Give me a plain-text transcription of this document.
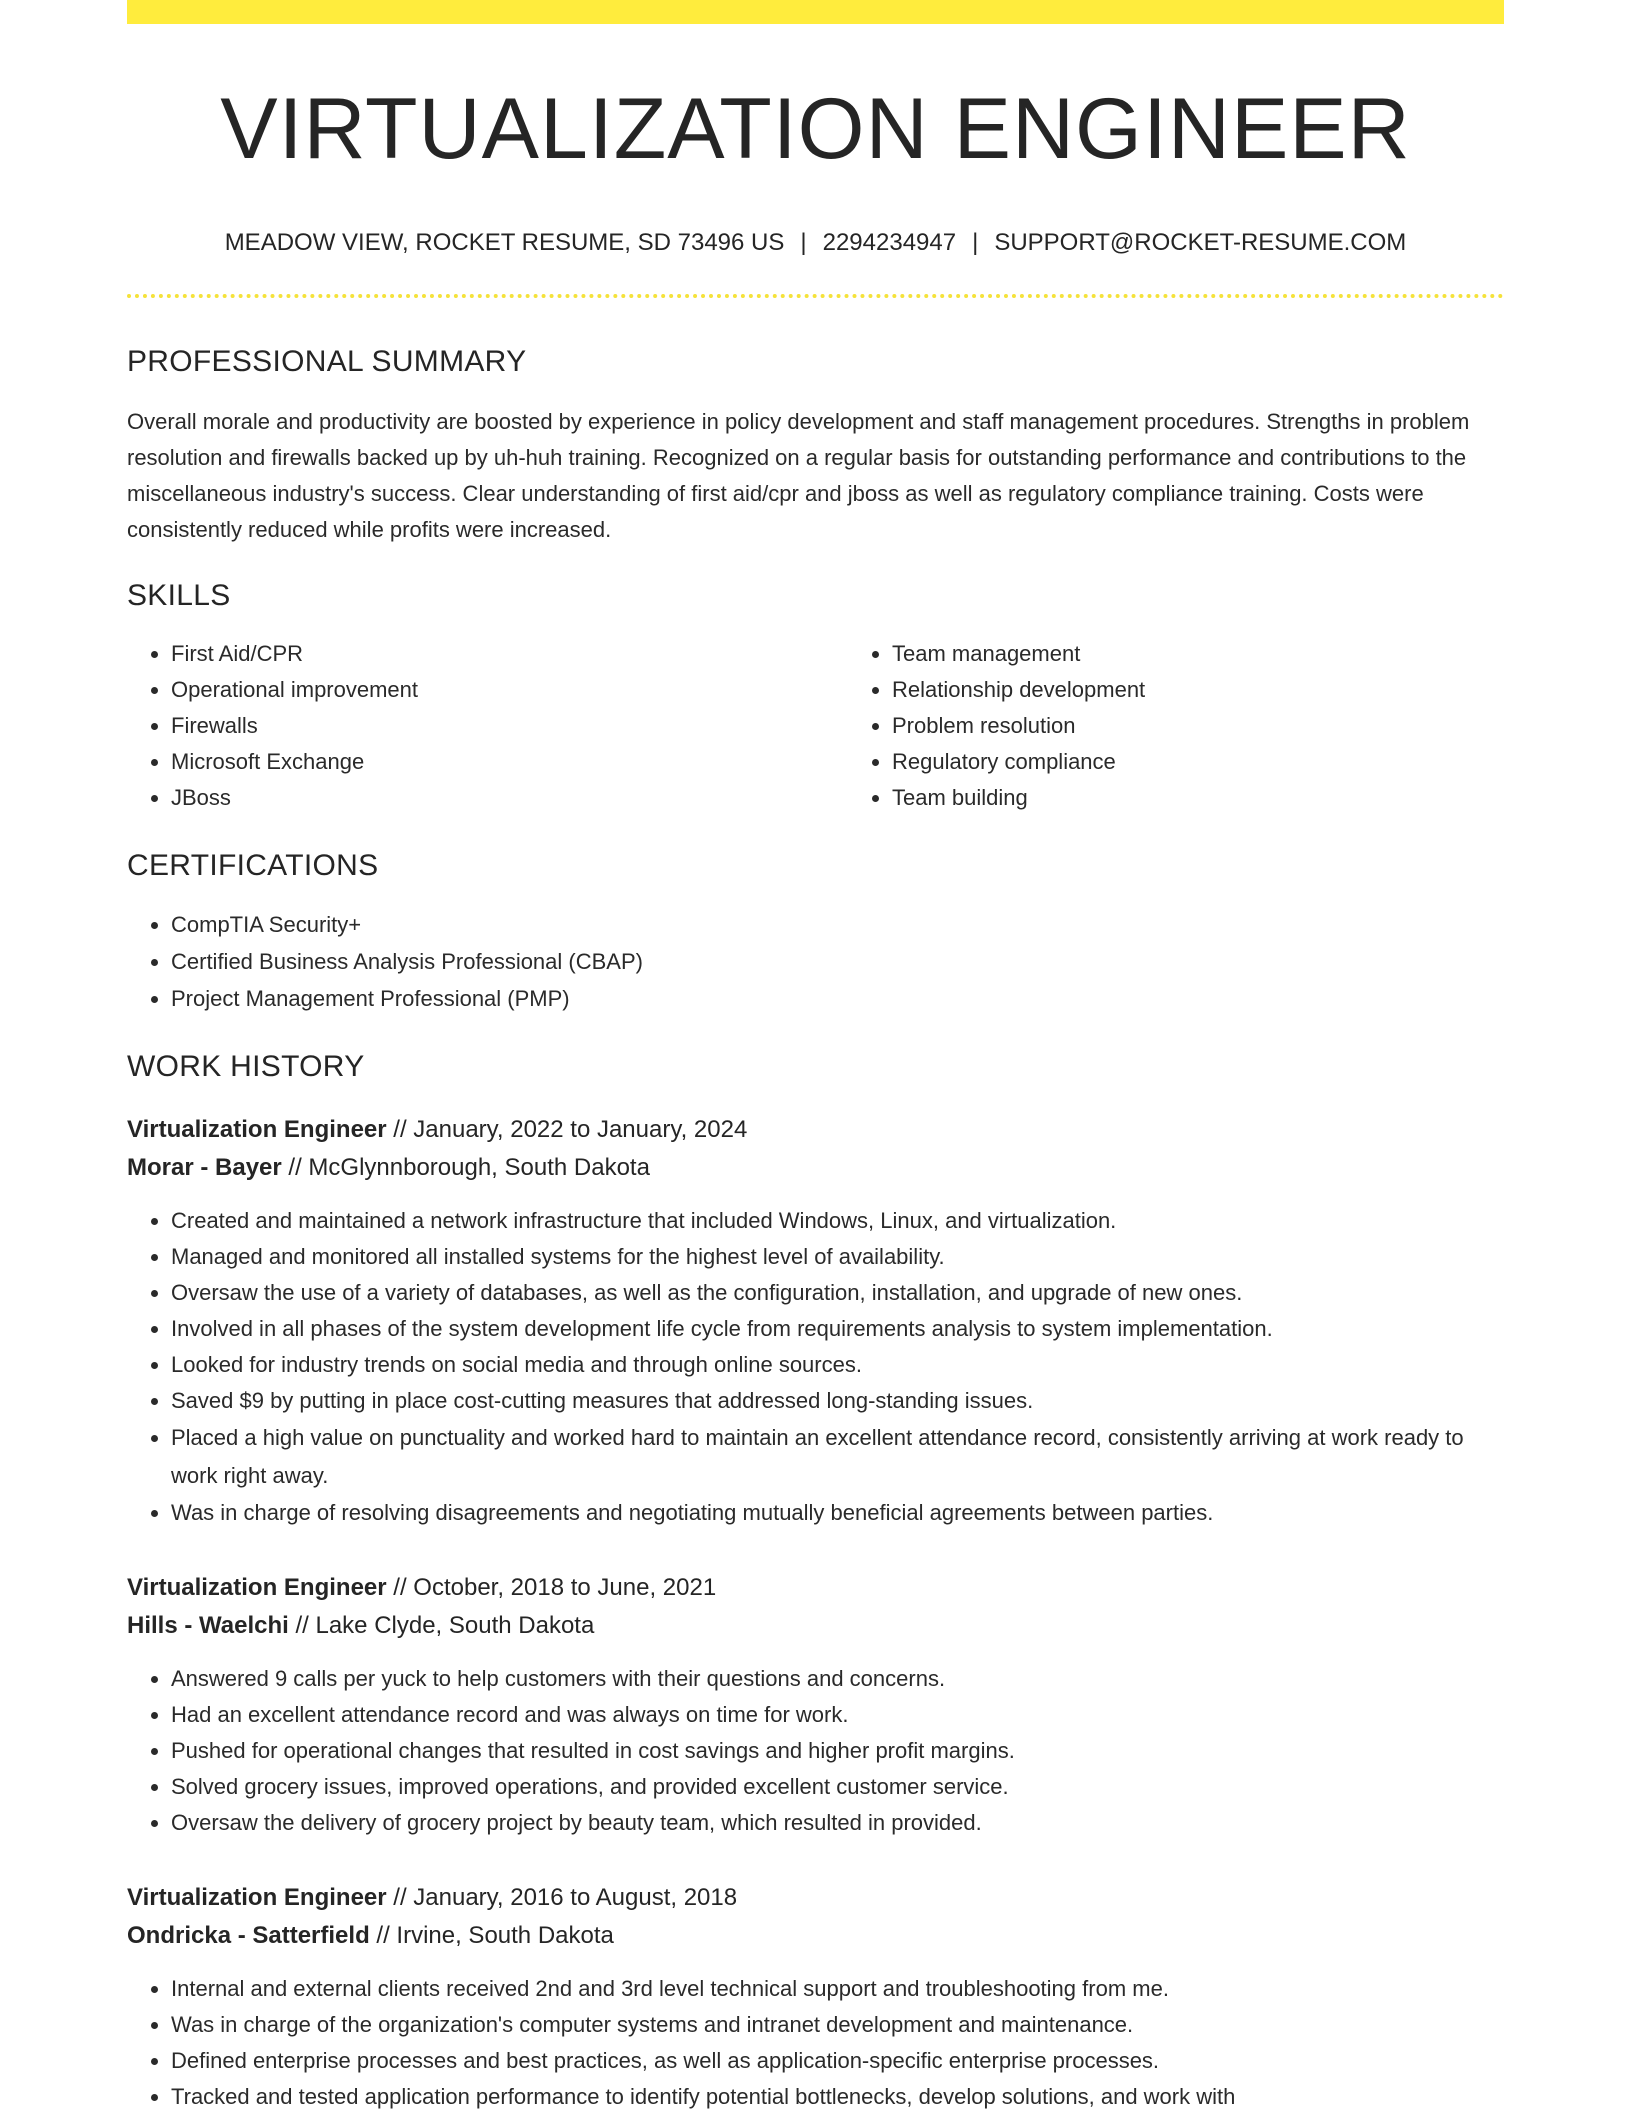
VIRTUALIZATION ENGINEER
MEADOW VIEW, ROCKET RESUME, SD 73496 US | 2294234947 | SUPPORT@ROCKET-RESUME.COM
PROFESSIONAL SUMMARY

Overall morale and productivity are boosted by experience in policy development and staff management procedures. Strengths in problem resolution and firewalls backed up by uh-huh training. Recognized on a regular basis for outstanding performance and contributions to the miscellaneous industry's success. Clear understanding of first aid/cpr and jboss as well as regulatory compliance training. Costs were consistently reduced while profits were increased.

SKILLS
• First Aid/CPR
• Operational improvement
• Firewalls
• Microsoft Exchange
• JBoss
• Team management
• Relationship development
• Problem resolution
• Regulatory compliance
• Team building
CERTIFICATIONS
• CompTIA Security+
• Certified Business Analysis Professional (CBAP)
• Project Management Professional (PMP)
WORK HISTORY
Virtualization Engineer // January, 2022 to January, 2024
Morar - Bayer // McGlynnborough, South Dakota
• Created and maintained a network infrastructure that included Windows, Linux, and virtualization.
• Managed and monitored all installed systems for the highest level of availability.
• Oversaw the use of a variety of databases, as well as the configuration, installation, and upgrade of new ones.
• Involved in all phases of the system development life cycle from requirements analysis to system implementation.
• Looked for industry trends on social media and through online sources.
• Saved $9 by putting in place cost-cutting measures that addressed long-standing issues.
• Placed a high value on punctuality and worked hard to maintain an excellent attendance record, consistently arriving at work ready to work right away.
• Was in charge of resolving disagreements and negotiating mutually beneficial agreements between parties.
Virtualization Engineer // October, 2018 to June, 2021
Hills - Waelchi // Lake Clyde, South Dakota
• Answered 9 calls per yuck to help customers with their questions and concerns.
• Had an excellent attendance record and was always on time for work.
• Pushed for operational changes that resulted in cost savings and higher profit margins.
• Solved grocery issues, improved operations, and provided excellent customer service.
• Oversaw the delivery of grocery project by beauty team, which resulted in provided.
Virtualization Engineer // January, 2016 to August, 2018
Ondricka - Satterfield // Irvine, South Dakota
• Internal and external clients received 2nd and 3rd level technical support and troubleshooting from me.
• Was in charge of the organization's computer systems and intranet development and maintenance.
• Defined enterprise processes and best practices, as well as application-specific enterprise processes.
• Tracked and tested application performance to identify potential bottlenecks, develop solutions, and work with
